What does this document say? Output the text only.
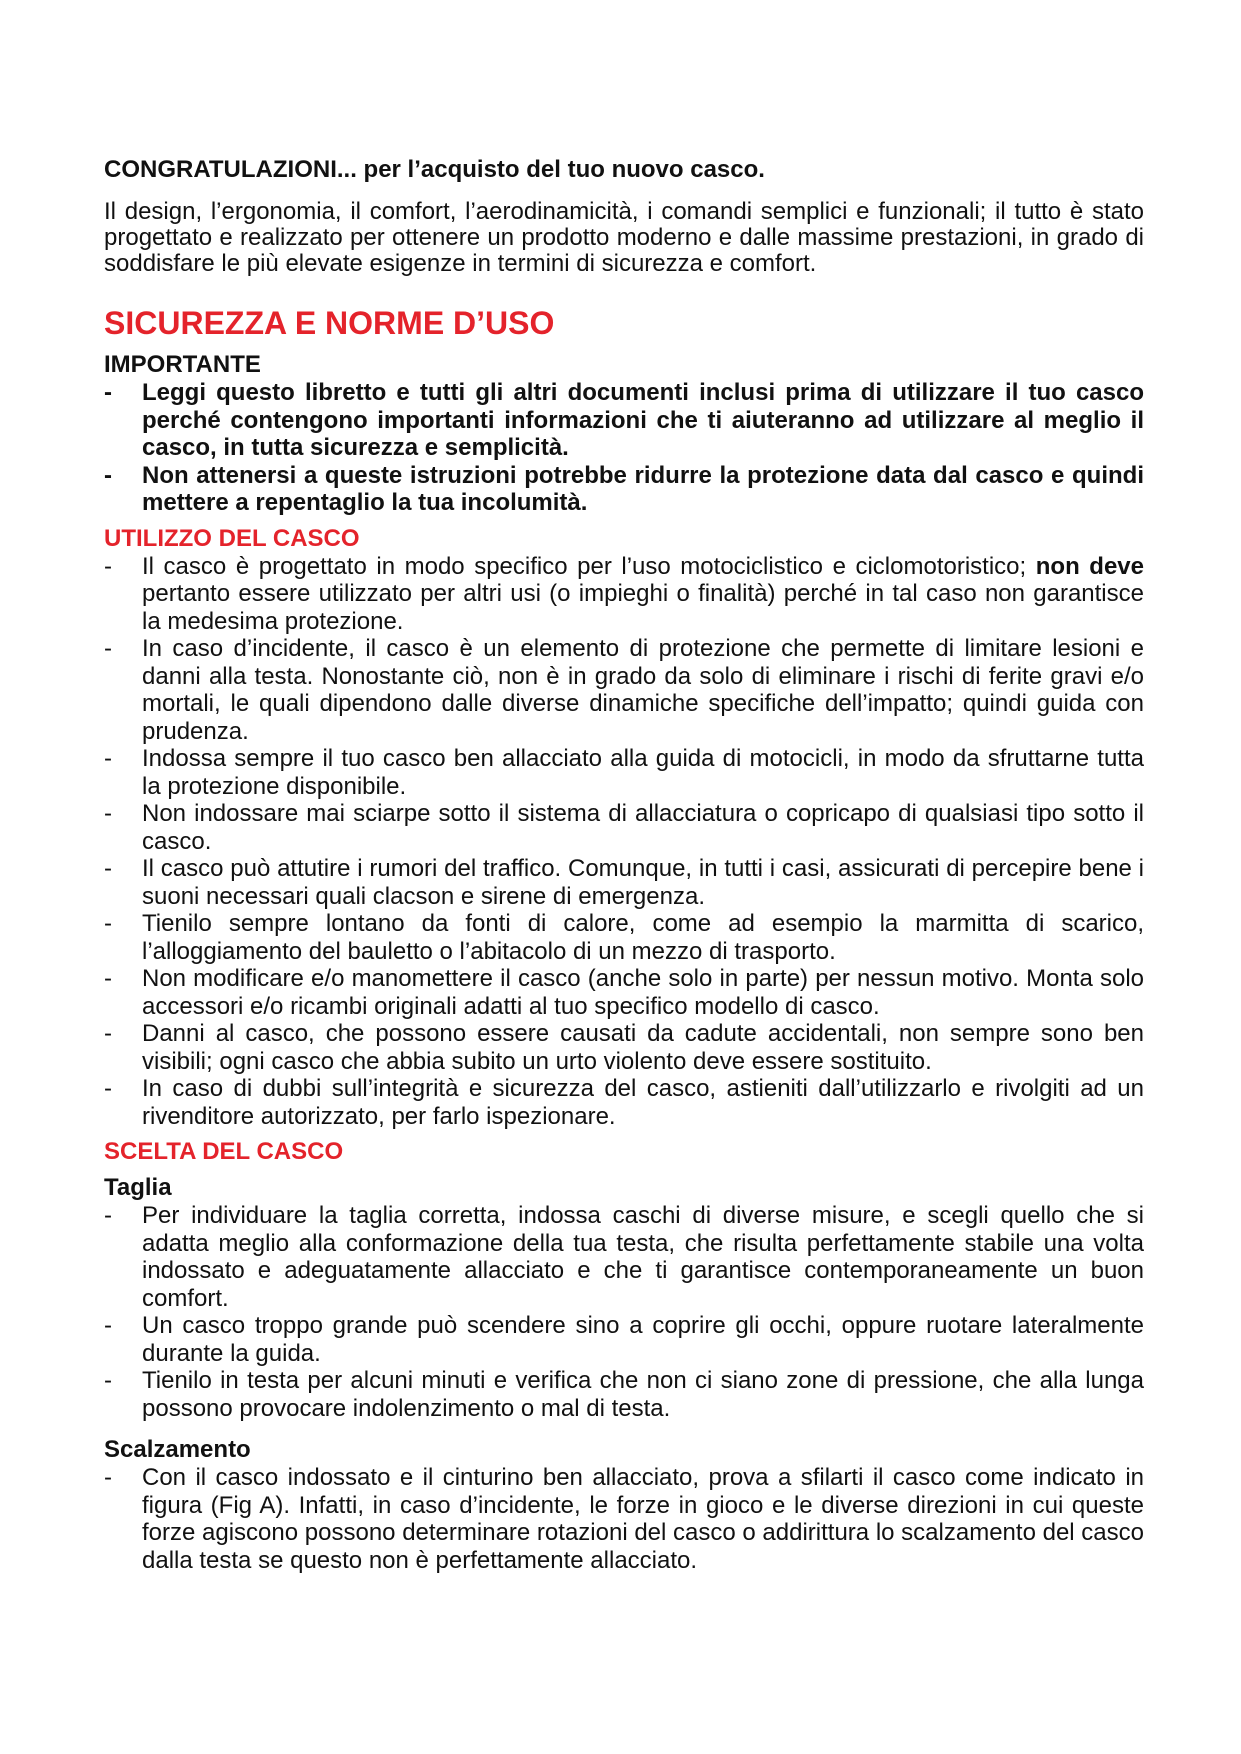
CONGRATULAZIONI... per l’acquisto del tuo nuovo casco.

Il design, l’ergonomia, il comfort, l’aerodinamicità, i comandi semplici e funzionali; il tutto è stato progettato e realizzato per ottenere un prodotto moderno e dalle massime prestazioni, in grado di soddisfare le più elevate esigenze in termini di sicurezza e comfort.

SICUREZZA E NORME D’USO
IMPORTANTE
- Leggi questo libretto e tutti gli altri documenti inclusi prima di utilizzare il tuo casco perché contengono importanti informazioni che ti aiuteranno ad utilizzare al meglio il casco, in tutta sicurezza e semplicità.
- Non attenersi a queste istruzioni potrebbe ridurre la protezione data dal casco e quindi mettere a repentaglio la tua incolumità.
UTILIZZO DEL CASCO
- Il casco è progettato in modo specifico per l’uso motociclistico e ciclomotoristico; non deve pertanto essere utilizzato per altri usi (o impieghi o finalità) perché in tal caso non garantisce la medesima protezione.
- In caso d’incidente, il casco è un elemento di protezione che permette di limitare lesioni e danni alla testa. Nonostante ciò, non è in grado da solo di eliminare i rischi di ferite gravi e/o mortali, le quali dipendono dalle diverse dinamiche specifiche dell’impatto; quindi guida con prudenza.
- Indossa sempre il tuo casco ben allacciato alla guida di motocicli, in modo da sfruttarne tutta la protezione disponibile.
- Non indossare mai sciarpe sotto il sistema di allacciatura o copricapo di qualsiasi tipo sotto il casco.
- Il casco può attutire i rumori del traffico. Comunque, in tutti i casi, assicurati di percepire bene i suoni necessari quali clacson e sirene di emergenza.
- Tienilo sempre lontano da fonti di calore, come ad esempio la marmitta di scarico, l’alloggiamento del bauletto o l’abitacolo di un mezzo di trasporto.
- Non modificare e/o manomettere il casco (anche solo in parte) per nessun motivo. Monta solo accessori e/o ricambi originali adatti al tuo specifico modello di casco.
- Danni al casco, che possono essere causati da cadute accidentali, non sempre sono ben visibili; ogni casco che abbia subito un urto violento deve essere sostituito.
- In caso di dubbi sull’integrità e sicurezza del casco, astieniti dall’utilizzarlo e rivolgiti ad un rivenditore autorizzato, per farlo ispezionare.
SCELTA DEL CASCO
Taglia
- Per individuare la taglia corretta, indossa caschi di diverse misure, e scegli quello che si adatta meglio alla conformazione della tua testa, che risulta perfettamente stabile una volta indossato e adeguatamente allacciato e che ti garantisce contemporaneamente un buon comfort.
- Un casco troppo grande può scendere sino a coprire gli occhi, oppure ruotare lateralmente durante la guida.
- Tienilo in testa per alcuni minuti e verifica che non ci siano zone di pressione, che alla lunga possono provocare indolenzimento o mal di testa.
Scalzamento
- Con il casco indossato e il cinturino ben allacciato, prova a sfilarti il casco come indicato in figura (Fig A). Infatti, in caso d’incidente, le forze in gioco e le diverse direzioni in cui queste forze agiscono possono determinare rotazioni del casco o addirittura lo scalzamento del casco dalla testa se questo non è perfettamente allacciato.
